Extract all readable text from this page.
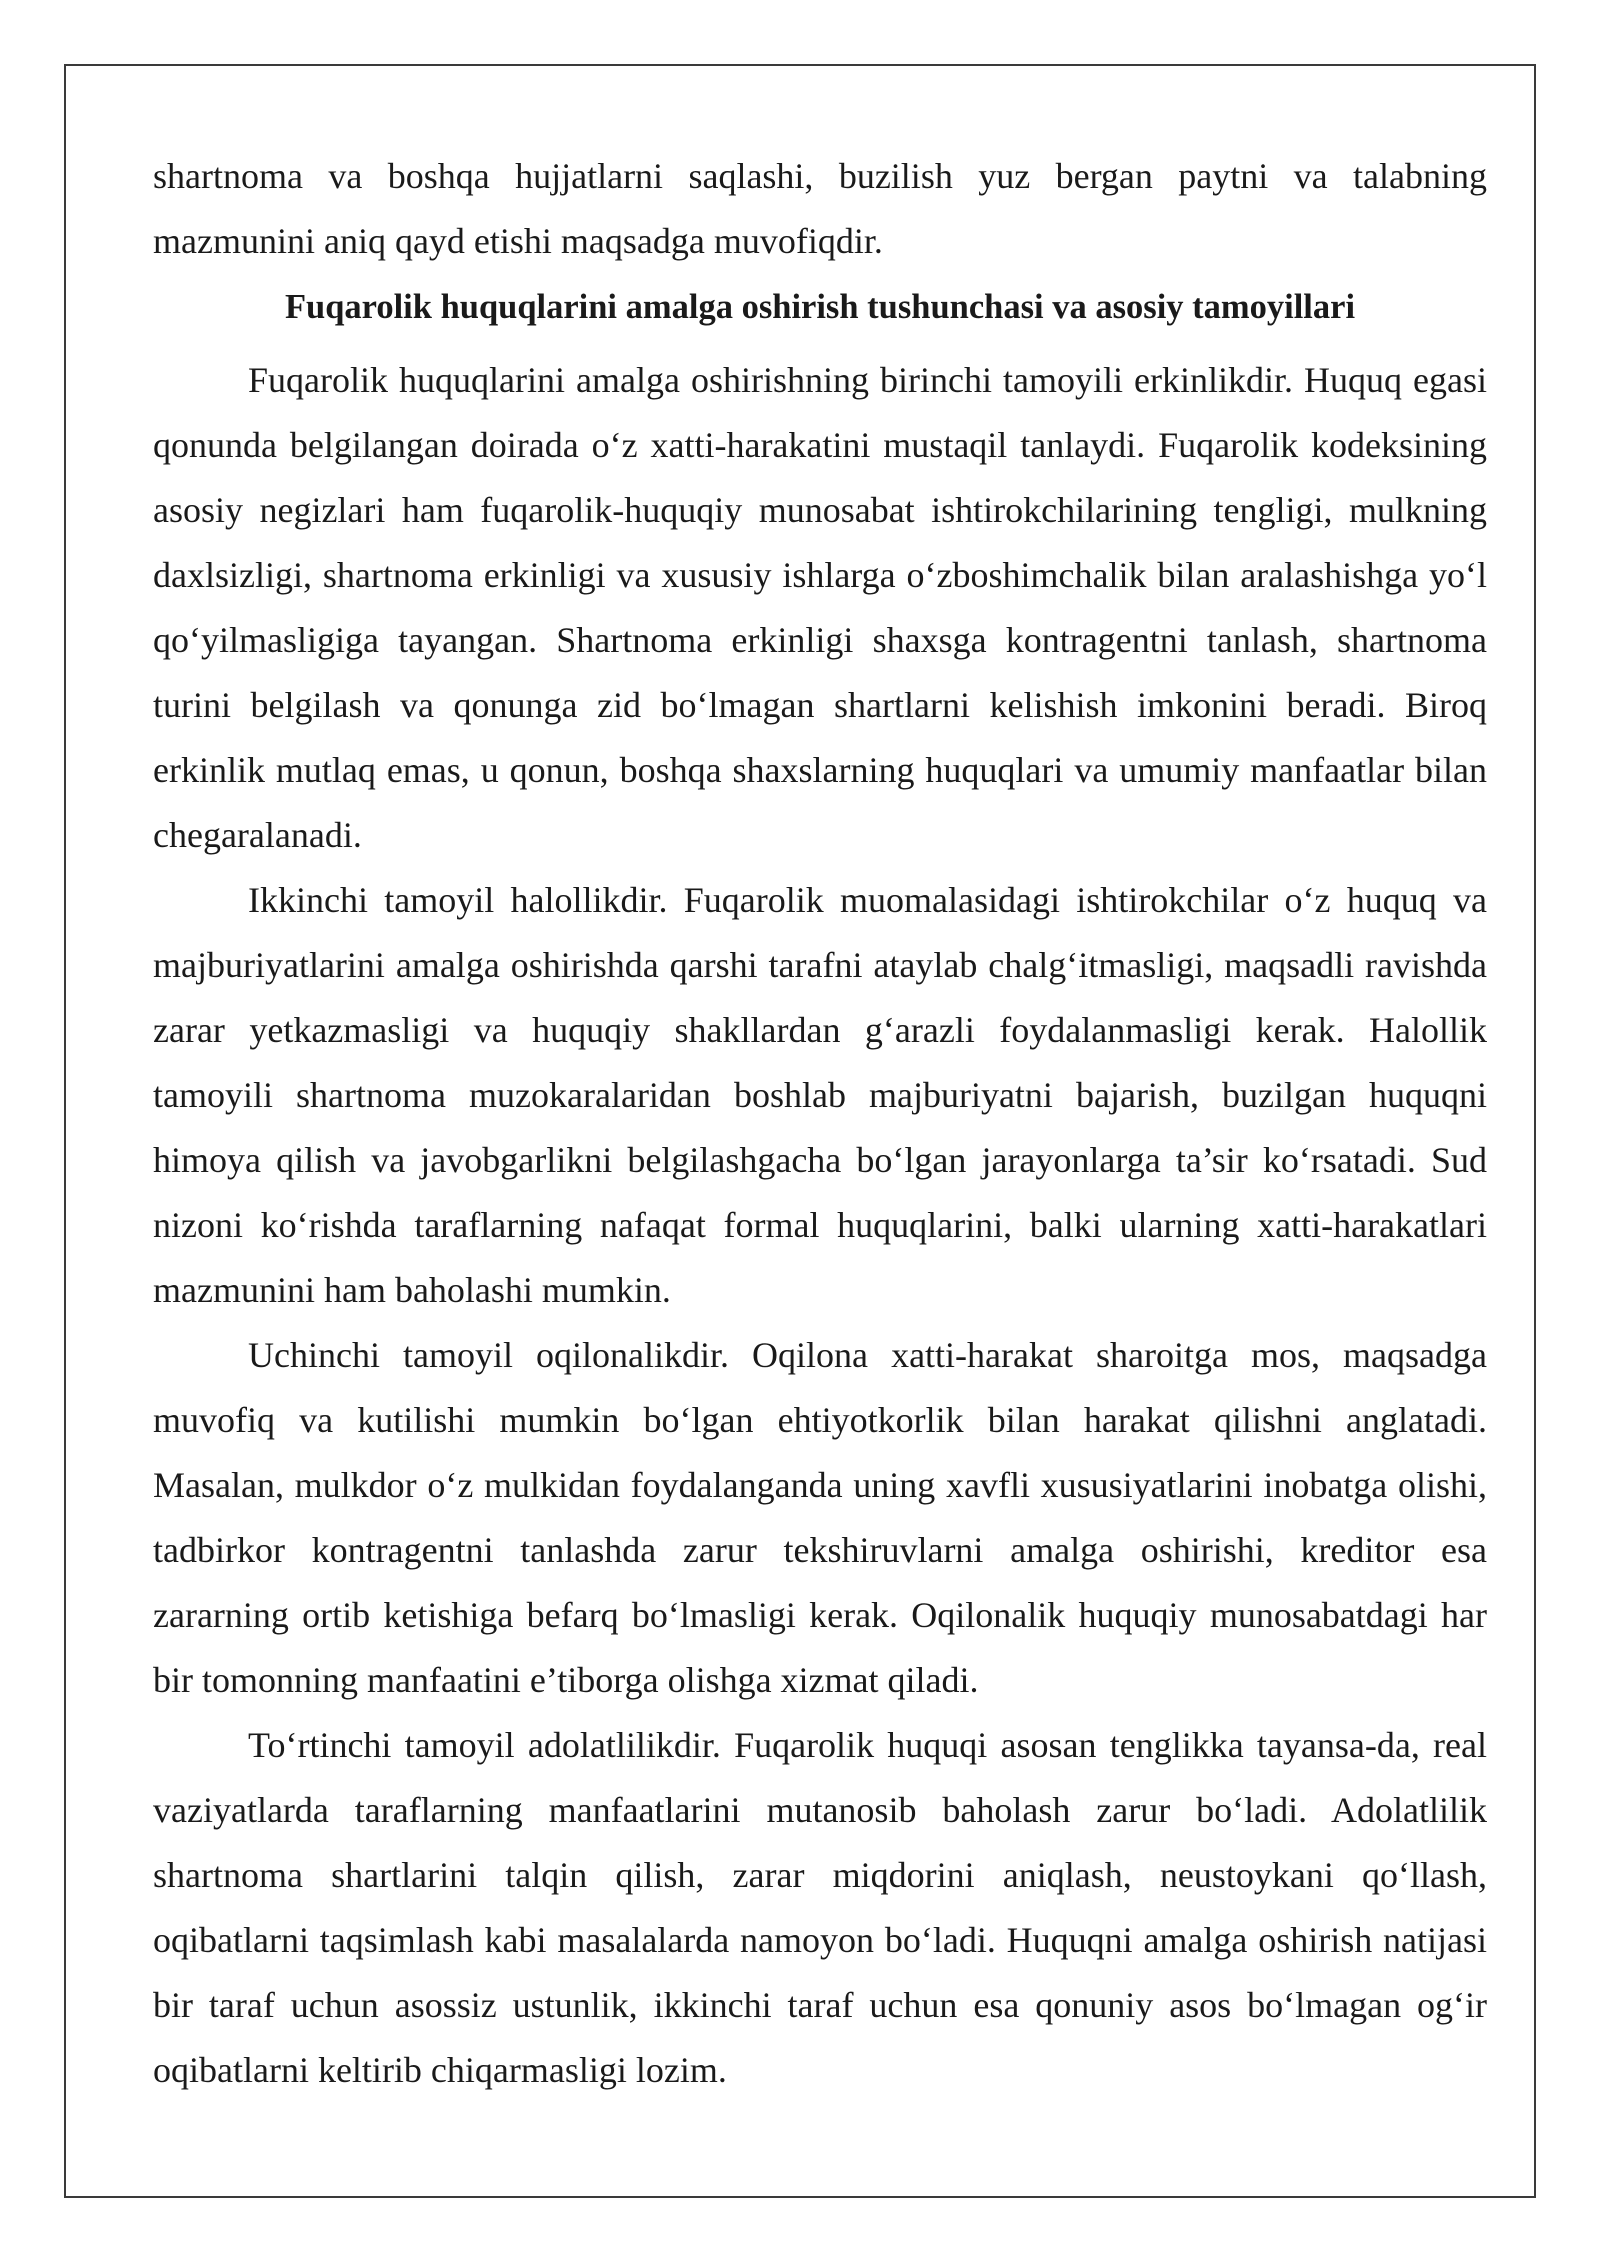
shartnoma va boshqa hujjatlarni saqlashi, buzilish yuz bergan paytni va talabning mazmunini aniq qayd etishi maqsadga muvofiqdir.

Fuqarolik huquqlarini amalga oshirish tushunchasi va asosiy tamoyillari

Fuqarolik huquqlarini amalga oshirishning birinchi tamoyili erkinlikdir. Huquq egasi qonunda belgilangan doirada o‘z xatti-harakatini mustaqil tanlaydi. Fuqarolik kodeksining asosiy negizlari ham fuqarolik-huquqiy munosabat ishtirokchilarining tengligi, mulkning daxlsizligi, shartnoma erkinligi va xususiy ishlarga o‘zboshimchalik bilan aralashishga yo‘l qo‘yilmasligiga tayangan. Shartnoma erkinligi shaxsga kontragentni tanlash, shartnoma turini belgilash va qonunga zid bo‘lmagan shartlarni kelishish imkonini beradi. Biroq erkinlik mutlaq emas, u qonun, boshqa shaxslarning huquqlari va umumiy manfaatlar bilan chegaralanadi.

Ikkinchi tamoyil halollikdir. Fuqarolik muomalasidagi ishtirokchilar o‘z huquq va majburiyatlarini amalga oshirishda qarshi tarafni ataylab chalg‘itmasligi, maqsadli ravishda zarar yetkazmasligi va huquqiy shakllardan g‘arazli foydalanmasligi kerak. Halollik tamoyili shartnoma muzokaralaridan boshlab majburiyatni bajarish, buzilgan huquqni himoya qilish va javobgarlikni belgilashgacha bo‘lgan jarayonlarga ta’sir ko‘rsatadi. Sud nizoni ko‘rishda taraflarning nafaqat formal huquqlarini, balki ularning xatti-harakatlari mazmunini ham baholashi mumkin.

Uchinchi tamoyil oqilonalikdir. Oqilona xatti-harakat sharoitga mos, maqsadga muvofiq va kutilishi mumkin bo‘lgan ehtiyotkorlik bilan harakat qilishni anglatadi. Masalan, mulkdor o‘z mulkidan foydalanganda uning xavfli xususiyatlarini inobatga olishi, tadbirkor kontragentni tanlashda zarur tekshiruvlarni amalga oshirishi, kreditor esa zararning ortib ketishiga befarq bo‘lmasligi kerak. Oqilonalik huquqiy munosabatdagi har bir tomonning manfaatini e’tiborga olishga xizmat qiladi.

To‘rtinchi tamoyil adolatlilikdir. Fuqarolik huquqi asosan tenglikka tayansa-da, real vaziyatlarda taraflarning manfaatlarini mutanosib baholash zarur bo‘ladi. Adolatlilik shartnoma shartlarini talqin qilish, zarar miqdorini aniqlash, neustoykani qo‘llash, oqibatlarni taqsimlash kabi masalalarda namoyon bo‘ladi. Huquqni amalga oshirish natijasi bir taraf uchun asossiz ustunlik, ikkinchi taraf uchun esa qonuniy asos bo‘lmagan og‘ir oqibatlarni keltirib chiqarmasligi lozim.
